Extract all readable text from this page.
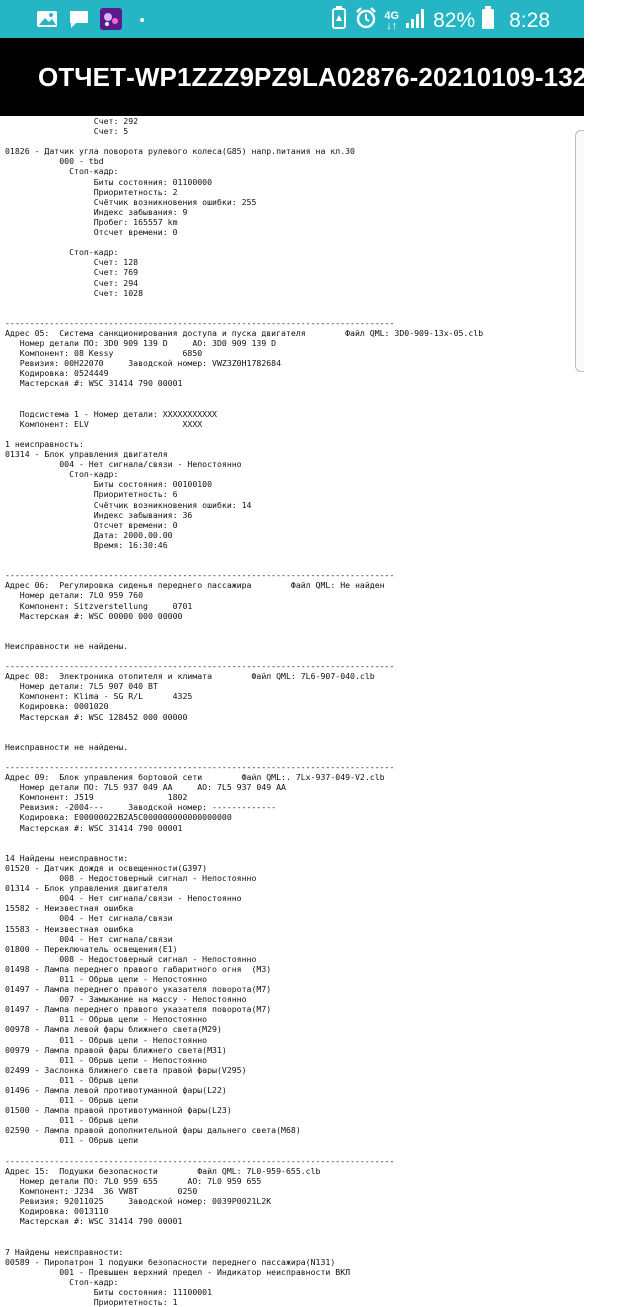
•	4G
↓↑ 82% 8:28
ОТЧЕТ-WP1ZZZ9PZ9LA02876-20210109-1326...
Счет: 292
Счет: 5

01826 - Датчик угла поворота рулевого колеса(G85) напр.питания на кл.30
000 - tbd
Стоп-кадр:
Биты состояния: 01100000
Приоритетность: 2
Счётчик возникновения ошибки: 255
Индекс забывания: 9
Пробег: 165557 km
Отсчет времени: 0

Стоп-кадр:
Счет: 128
Счет: 769
Счет: 294
Счет: 1028

-------------------------------------------------------------------------------
Адрес 05:  Система санкционирования доступа и пуска двигателя        Файл QML: 3D0-909-13x-05.clb
Номер детали ПО: 3D0 909 139 D     AO: 3D0 909 139 D
Компонент: 08 Kessy              6850
Ревизия: 00H22070     Заводской номер: VWZ3Z0H1782684
Кодировка: 0524449
Мастерская #: WSC 31414 790 00001

Подсистема 1 - Номер детали: XXXXXXXXXXX
Компонент: ELV                   XXXX

1 неисправность:
01314 - Блок управления двигателя
004 - Нет сигнала/связи - Непостоянно
Стоп-кадр:
Биты состояния: 00100100
Приоритетность: 6
Счётчик возникновения ошибки: 14
Индекс забывания: 36
Отсчет времени: 0
Дата: 2000.00.00
Время: 16:30:46

-------------------------------------------------------------------------------
Адрес 06:  Регулировка сиденья переднего пассажира        Файл QML: Не найден
Номер детали: 7L0 959 760
Компонент: Sitzverstellung     0701
Мастерская #: WSC 00000 000 00000

Неисправности не найдены.

-------------------------------------------------------------------------------
Адрес 08:  Электроника отопителя и климата        Файл QML: 7L6-907-040.clb
Номер детали: 7L5 907 040 BT
Компонент: Klima - SG R/L      4325
Кодировка: 0001020
Мастерская #: WSC 128452 000 00000

Неисправности не найдены.

-------------------------------------------------------------------------------
Адрес 09:  Блок управления бортовой сети        Файл QML:. 7Lx-937-049-V2.clb
Номер детали ПО: 7L5 937 049 AA     AO: 7L5 937 049 AA
Компонент: J519               1802
Ревизия: -2004---     Заводской номер: -------------
Кодировка: E00000022B2A5C000000000000000000
Мастерская #: WSC 31414 790 00001

14 Найдены неисправности:
01520 - Датчик дождя и освещенности(G397)
008 - Недостоверный сигнал - Непостоянно
01314 - Блок управления двигателя
004 - Нет сигнала/связи - Непостоянно
15582 - Неизвестная ошибка
004 - Нет сигнала/связи
15583 - Неизвестная ошибка
004 - Нет сигнала/связи
01800 - Переключатель освещения(E1)
008 - Недостоверный сигнал - Непостоянно
01498 - Лампа переднего правого габаритного огня  (M3)
011 - Обрыв цепи - Непостоянно
01497 - Лампа переднего правого указателя поворота(M7)
007 - Замыкание на массу - Непостоянно
01497 - Лампа переднего правого указателя поворота(M7)
011 - Обрыв цепи - Непостоянно
00978 - Лампа левой фары ближнего света(M29)
011 - Обрыв цепи - Непостоянно
00979 - Лампа правой фары ближнего света(M31)
011 - Обрыв цепи - Непостоянно
02499 - Заслонка ближнего света правой фары(V295)
011 - Обрыв цепи
01496 - Лампа левой противотуманной фары(L22)
011 - Обрыв цепи
01500 - Лампа правой противотуманной фары(L23)
011 - Обрыв цепи
02590 - Лампа правой дополнительной фары дальнего света(M68)
011 - Обрыв цепи

-------------------------------------------------------------------------------
Адрес 15:  Подушки безопасности        Файл QML: 7L0-959-655.clb
Номер детали ПО: 7L0 959 655      AO: 7L0 959 655
Компонент: J234  36 VW8T        0250
Ревизия: 92011025     Заводской номер: 0039P0021L2K
Кодировка: 0013110
Мастерская #: WSC 31414 790 00001

7 Найдены неисправности:
00589 - Пиропатрон 1 подушки безопасности переднего пассажира(N131)
001 - Превышен верхний предел - Индикатор неисправности ВКЛ
Стоп-кадр:
Биты состояния: 11100001
Приоритетность: 1
